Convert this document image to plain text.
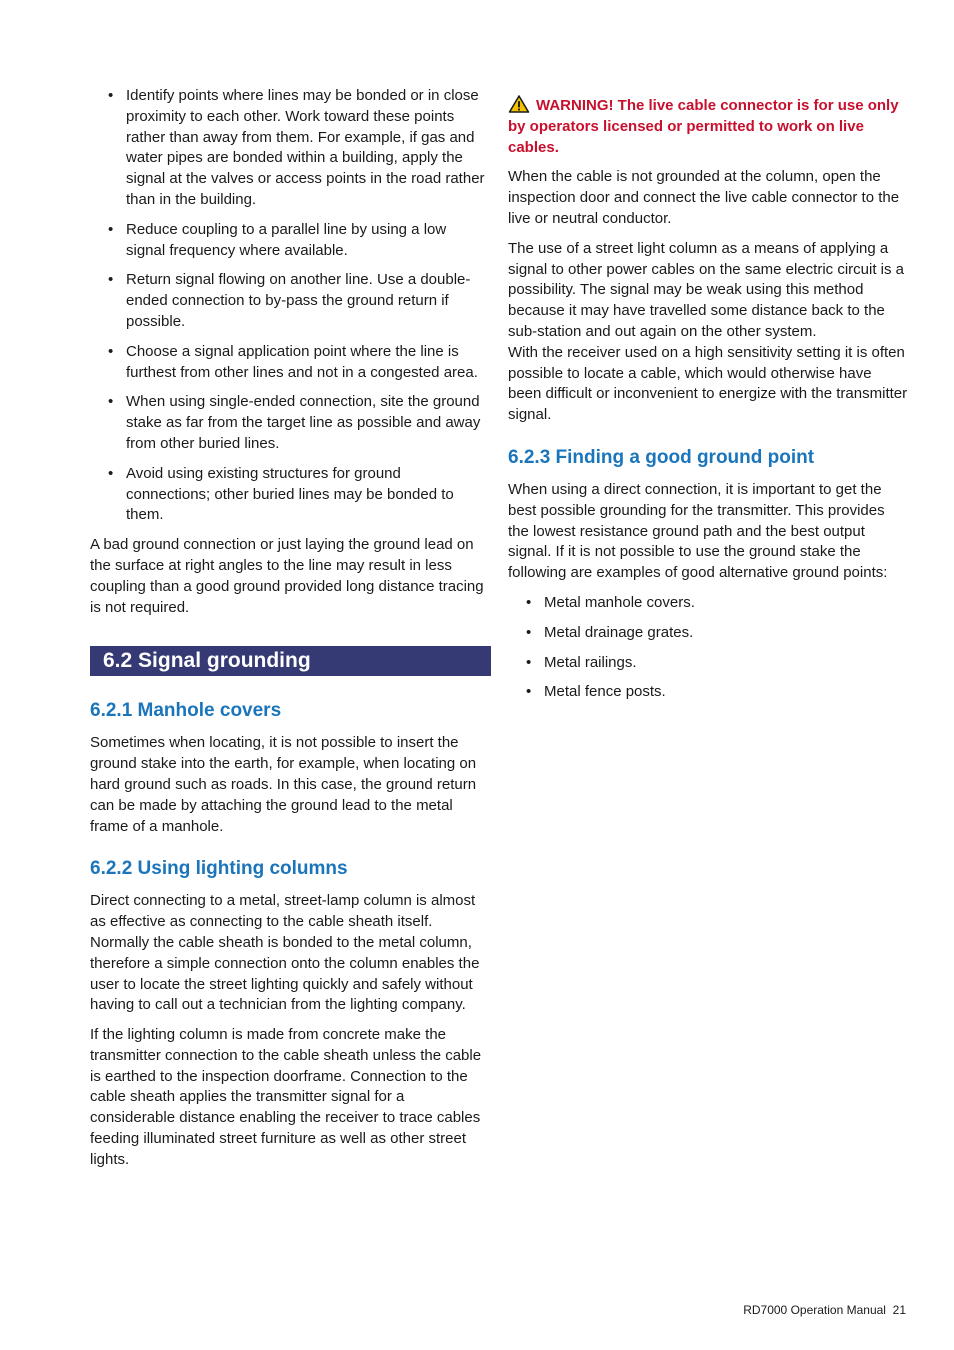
• Identify points where lines may be bonded or in close proximity to each other. Work toward these points rather than away from them. For example, if gas and water pipes are bonded within a building, apply the signal at the valves or access points in the road rather than in the building.
• Reduce coupling to a parallel line by using a low signal frequency where available.
• Return signal flowing on another line. Use a double-ended connection to by-pass the ground return if possible.
• Choose a signal application point where the line is furthest from other lines and not in a congested area.
• When using single-ended connection, site the ground stake as far from the target line as possible and away from other buried lines.
• Avoid using existing structures for ground connections; other buried lines may be bonded to them.

A bad ground connection or just laying the ground lead on the surface at right angles to the line may result in less coupling than a good ground provided long distance tracing is not required.

6.2 Signal grounding
6.2.1 Manhole covers

Sometimes when locating, it is not possible to insert the ground stake into the earth, for example, when locating on hard ground such as roads. In this case, the ground return can be made by attaching the ground lead to the metal frame of a manhole.

6.2.2 Using lighting columns

Direct connecting to a metal, street-lamp column is almost as effective as connecting to the cable sheath itself. Normally the cable sheath is bonded to the metal column, therefore a simple connection onto the column enables the user to locate the street lighting quickly and safely without having to call out a technician from the lighting company.

If the lighting column is made from concrete make the transmitter connection to the cable sheath unless the cable is earthed to the inspection doorframe. Connection to the cable sheath applies the transmitter signal for a considerable distance enabling the receiver to trace cables feeding illuminated street furniture as well as other street lights.

WARNING! The live cable connector is for use only by operators licensed or permitted to work on live cables.

When the cable is not grounded at the column, open the inspection door and connect the live cable connector to the live or neutral conductor.

The use of a street light column as a means of applying a signal to other power cables on the same electric circuit is a possibility. The signal may be weak using this method because it may have travelled some distance back to the sub-station and out again on the other system.

With the receiver used on a high sensitivity setting it is often possible to locate a cable, which would otherwise have been difficult or inconvenient to energize with the transmitter signal.

6.2.3 Finding a good ground point

When using a direct connection, it is important to get the best possible grounding for the transmitter. This provides the lowest resistance ground path and the best output signal. If it is not possible to use the ground stake the following are examples of good alternative ground points:

• Metal manhole covers.
• Metal drainage grates.
• Metal railings.
• Metal fence posts.
RD7000 Operation Manual 21
